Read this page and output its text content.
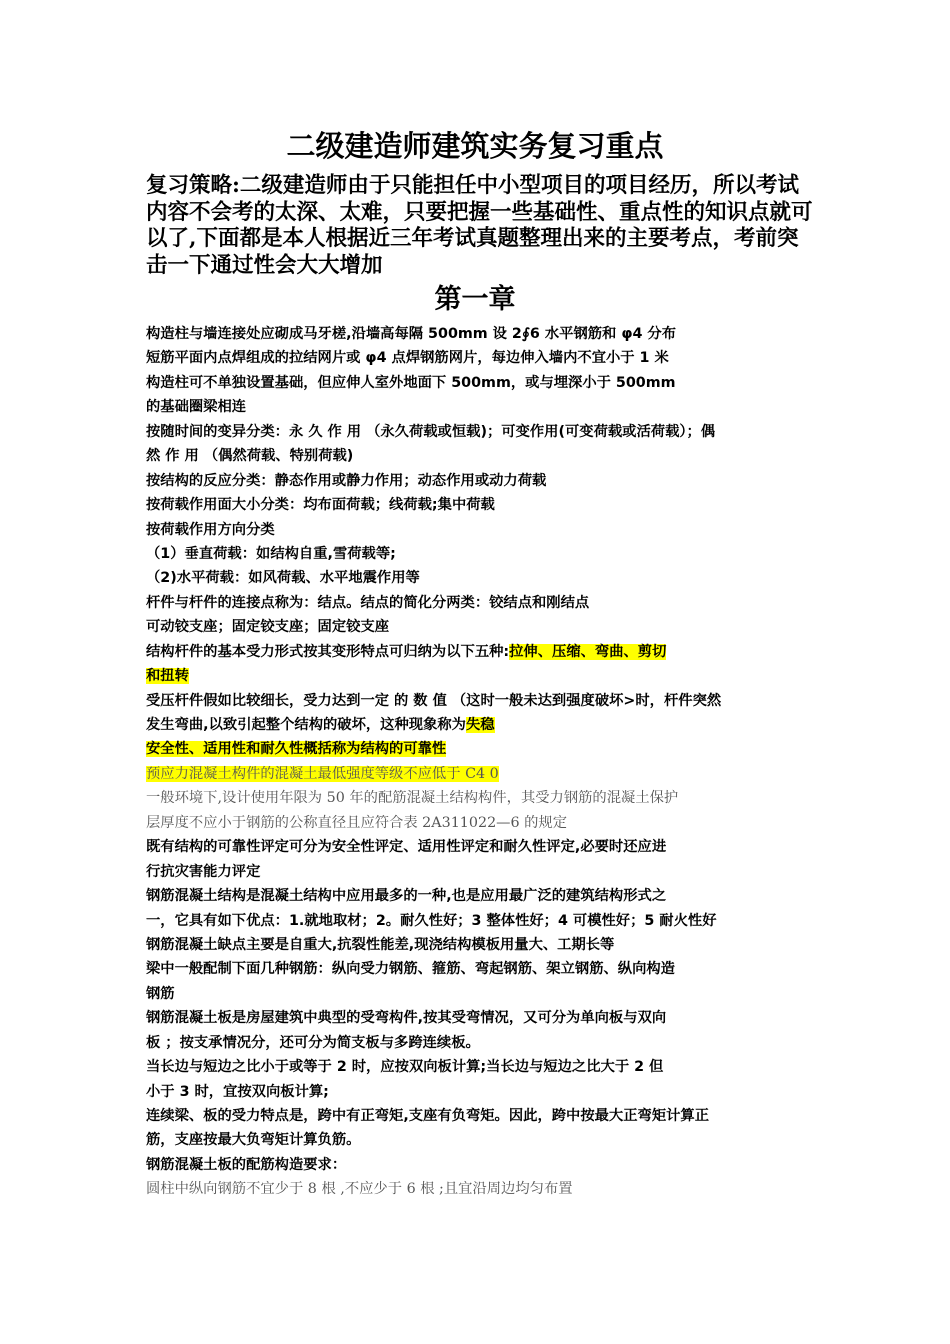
二级建造师建筑实务复习重点
复习策略:二级建造师由于只能担任中小型项目的项目经历，所以考试内容不会考的太深、太难，只要把握一些基础性、重点性的知识点就可以了,下面都是本人根据近三年考试真题整理出来的主要考点，考前突击一下通过性会大大增加
第一章
构造柱与墙连接处应砌成马牙槎,沿墙高每隔 500mm 设 2∮6 水平钢筋和 φ4 分布
短筋平面内点焊组成的拉结网片或 φ4 点焊钢筋网片，每边伸入墙内不宜小于 1 米
构造柱可不单独设置基础，但应伸人室外地面下 500mm，或与埋深小于 500mm
的基础圈梁相连
按随时间的变异分类：永 久 作 用 （永久荷载或恒载)；可变作用(可变荷载或活荷载）；偶
然 作 用 （偶然荷载、特别荷载)
按结构的反应分类：静态作用或静力作用；动态作用或动力荷载
按荷载作用面大小分类：均布面荷载；线荷载;集中荷载
按荷载作用方向分类
（1）垂直荷载：如结构自重,雪荷载等;
（2)水平荷载：如风荷载、水平地震作用等
杆件与杆件的连接点称为：结点。结点的简化分两类：铰结点和刚结点
可动铰支座；固定铰支座；固定铰支座
结构杆件的基本受力形式按其变形特点可归纳为以下五种:拉伸、压缩、弯曲、剪切
和扭转
受压杆件假如比较细长，受力达到一定 的 数 值 （这时一般未达到强度破坏>时，杆件突然
发生弯曲,以致引起整个结构的破坏，这种现象称为失稳
安全性、适用性和耐久性概括称为结构的可靠性
预应力混凝土构件的混凝土最低强度等级不应低于 C4 0
一般环境下,设计使用年限为 50 年的配筋混凝土结构构件，其受力钢筋的混凝土保护
层厚度不应小于钢筋的公称直径且应符合表 2A311022—6 的规定
既有结构的可靠性评定可分为安全性评定、适用性评定和耐久性评定,必要时还应进
行抗灾害能力评定
钢筋混凝土结构是混凝土结构中应用最多的一种,也是应用最广泛的建筑结构形式之
一，它具有如下优点：1.就地取材；2。耐久性好；3 整体性好；4 可模性好；5 耐火性好
钢筋混凝土缺点主要是自重大,抗裂性能差,现浇结构模板用量大、工期长等
梁中一般配制下面几种钢筋：纵向受力钢筋、箍筋、弯起钢筋、架立钢筋、纵向构造
钢筋
钢筋混凝土板是房屋建筑中典型的受弯构件,按其受弯情况，又可分为单向板与双向
板 ；按支承情况分，还可分为简支板与多跨连续板。
当长边与短边之比小于或等于 2 时，应按双向板计算;当长边与短边之比大于 2 但
小于 3 时，宜按双向板计算;
连续梁、板的受力特点是，跨中有正弯矩,支座有负弯矩。因此，跨中按最大正弯矩计算正
筋，支座按最大负弯矩计算负筋。
钢筋混凝土板的配筋构造要求：
圆柱中纵向钢筋不宜少于 8 根 ,不应少于 6 根 ;且宜沿周边均匀布置
